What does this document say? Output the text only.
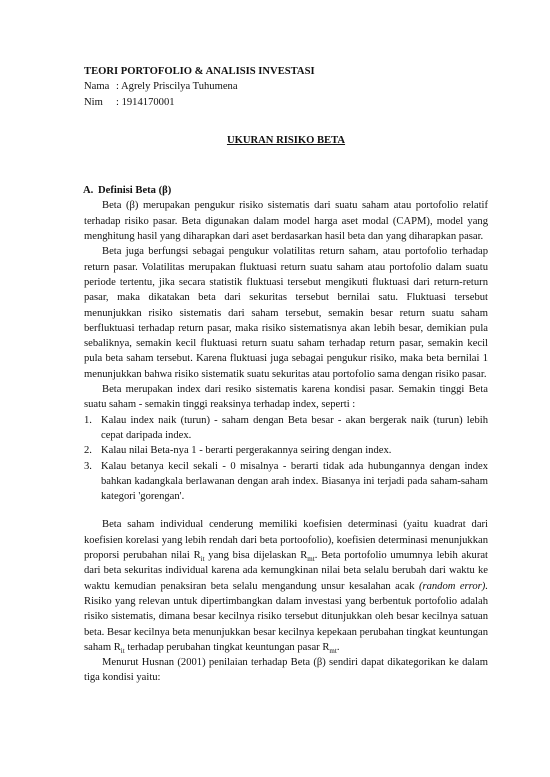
TEORI PORTOFOLIO & ANALISIS INVESTASI

Nama : Agrely Priscilya Tuhumena
Nim	: 1914170001

UKURAN RISIKO BETA

A. Definisi Beta (β)

Beta (β) merupakan pengukur risiko sistematis dari suatu saham atau portofolio relatif terhadap risiko pasar. Beta digunakan dalam model harga aset modal (CAPM), model yang menghitung hasil yang diharapkan dari aset berdasarkan hasil beta dan yang diharapkan pasar.

Beta juga berfungsi sebagai pengukur volatilitas return saham, atau portofolio terhadap return pasar. Volatilitas merupakan fluktuasi return suatu saham atau portofolio dalam suatu periode tertentu, jika secara statistik fluktuasi tersebut mengikuti fluktuasi dari return-return pasar, maka dikatakan beta dari sekuritas tersebut bernilai satu. Fluktuasi tersebut menunjukkan risiko sistematis dari saham tersebut, semakin besar return suatu saham berfluktuasi terhadap return pasar, maka risiko sistematisnya akan lebih besar, demikian pula sebaliknya, semakin kecil fluktuasi return suatu saham terhadap return pasar, semakin kecil pula beta saham tersebut. Karena fluktuasi juga sebagai pengukur risiko, maka beta bernilai 1 menunjukkan bahwa risiko sistematik suatu sekuritas atau portofolio sama dengan risiko pasar.

Beta merupakan index dari resiko sistematis karena kondisi pasar. Semakin tinggi Beta suatu saham - semakin tinggi reaksinya terhadap index, seperti :

1. Kalau index naik (turun) - saham dengan Beta besar - akan bergerak naik (turun) lebih cepat daripada index.
2. Kalau nilai Beta-nya 1 - berarti pergerakannya seiring dengan index.
3. Kalau betanya kecil sekali - 0 misalnya - berarti tidak ada hubungannya dengan index bahkan kadangkala berlawanan dengan arah index. Biasanya ini terjadi pada saham-saham kategori 'gorengan'.

Beta saham individual cenderung memiliki koefisien determinasi (yaitu kuadrat dari koefisien korelasi yang lebih rendah dari beta portoofolio), koefisien determinasi menunjukkan proporsi perubahan nilai $R_{it}$ yang bisa dijelaskan $R_{mt}$. Beta portofolio umumnya lebih akurat dari beta sekuritas individual karena ada kemungkinan nilai beta selalu berubah dari waktu ke waktu kemudian penaksiran beta selalu mengandung unsur kesalahan acak (random error). Risiko yang relevan untuk dipertimbangkan dalam investasi yang berbentuk portofolio adalah risiko sistematis, dimana besar kecilnya risiko tersebut ditunjukkan oleh besar kecilnya satuan beta. Besar kecilnya beta menunjukkan besar kecilnya kepekaan perubahan tingkat keuntungan saham $R_{it}$ terhadap perubahan tingkat keuntungan pasar $R_{mt}$.

Menurut Husnan (2001) penilaian terhadap Beta (β) sendiri dapat dikategorikan ke dalam tiga kondisi yaitu:
